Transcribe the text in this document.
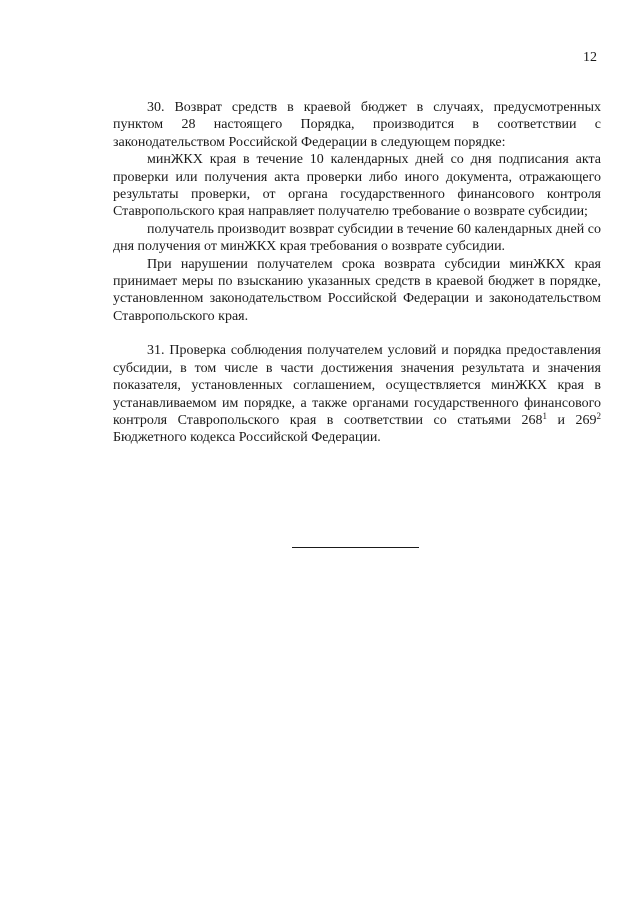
12

30. Возврат средств в краевой бюджет в случаях, предусмотренных пунктом 28 настоящего Порядка, производится в соответствии с законодательством Российской Федерации в следующем порядке:

минЖКХ края в течение 10 календарных дней со дня подписания акта проверки или получения акта проверки либо иного документа, отражающего результаты проверки, от органа государственного финансового контроля Ставропольского края направляет получателю требование о возврате субсидии;

получатель производит возврат субсидии в течение 60 календарных дней со дня получения от минЖКХ края требования о возврате субсидии.

При нарушении получателем срока возврата субсидии минЖКХ края принимает меры по взысканию указанных средств в краевой бюджет в порядке, установленном законодательством Российской Федерации и законодательством Ставропольского края.

31. Проверка соблюдения получателем условий и порядка предоставления субсидии, в том числе в части достижения значения результата и значения показателя, установленных соглашением, осуществляется минЖКХ края в устанавливаемом им порядке, а также органами государственного финансового контроля Ставропольского края в соответствии со статьями $268^1$ и $269^2$ Бюджетного кодекса Российской Федерации.
